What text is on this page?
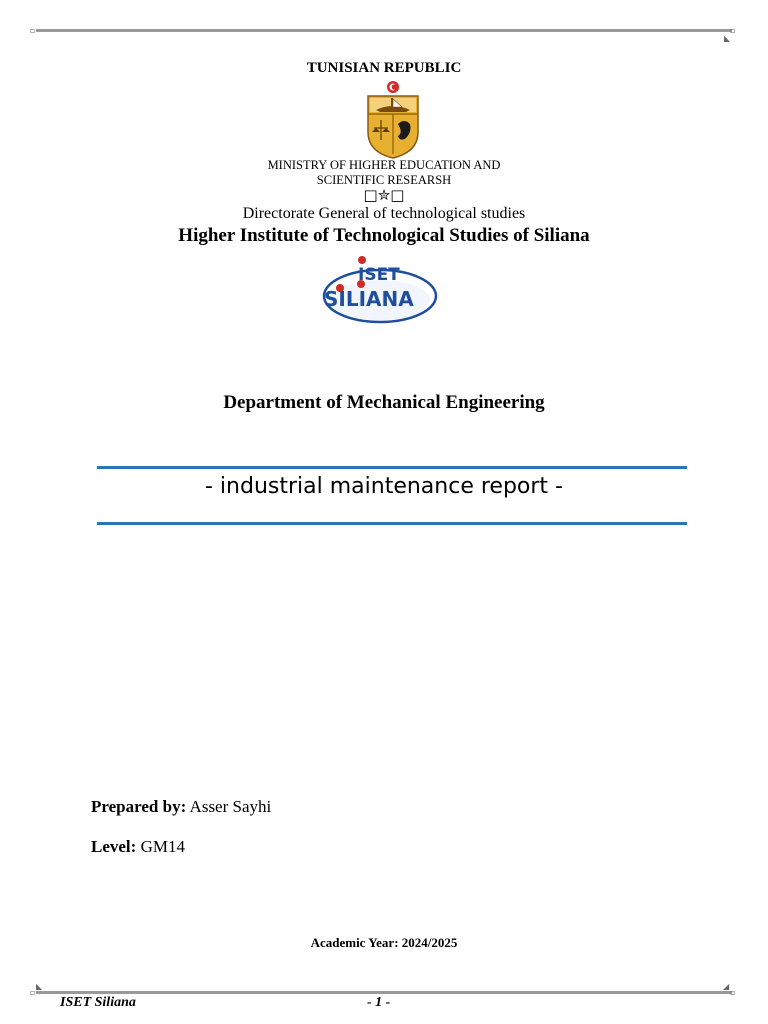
▫	▫
◣
TUNISIAN REPUBLIC
MINISTRY OF HIGHER EDUCATION AND
SCIENTIFIC RESEARSH
□✮□
Directorate General of technological studies
Higher Institute of Technological Studies of Siliana
ISET
SILIANA
Department of Mechanical Engineering
- industrial maintenance report -
Prepared by: Asser Sayhi
Level: GM14
Academic Year: 2024/2025
◣	◢
▫	▫
ISET Siliana	- 1 -
